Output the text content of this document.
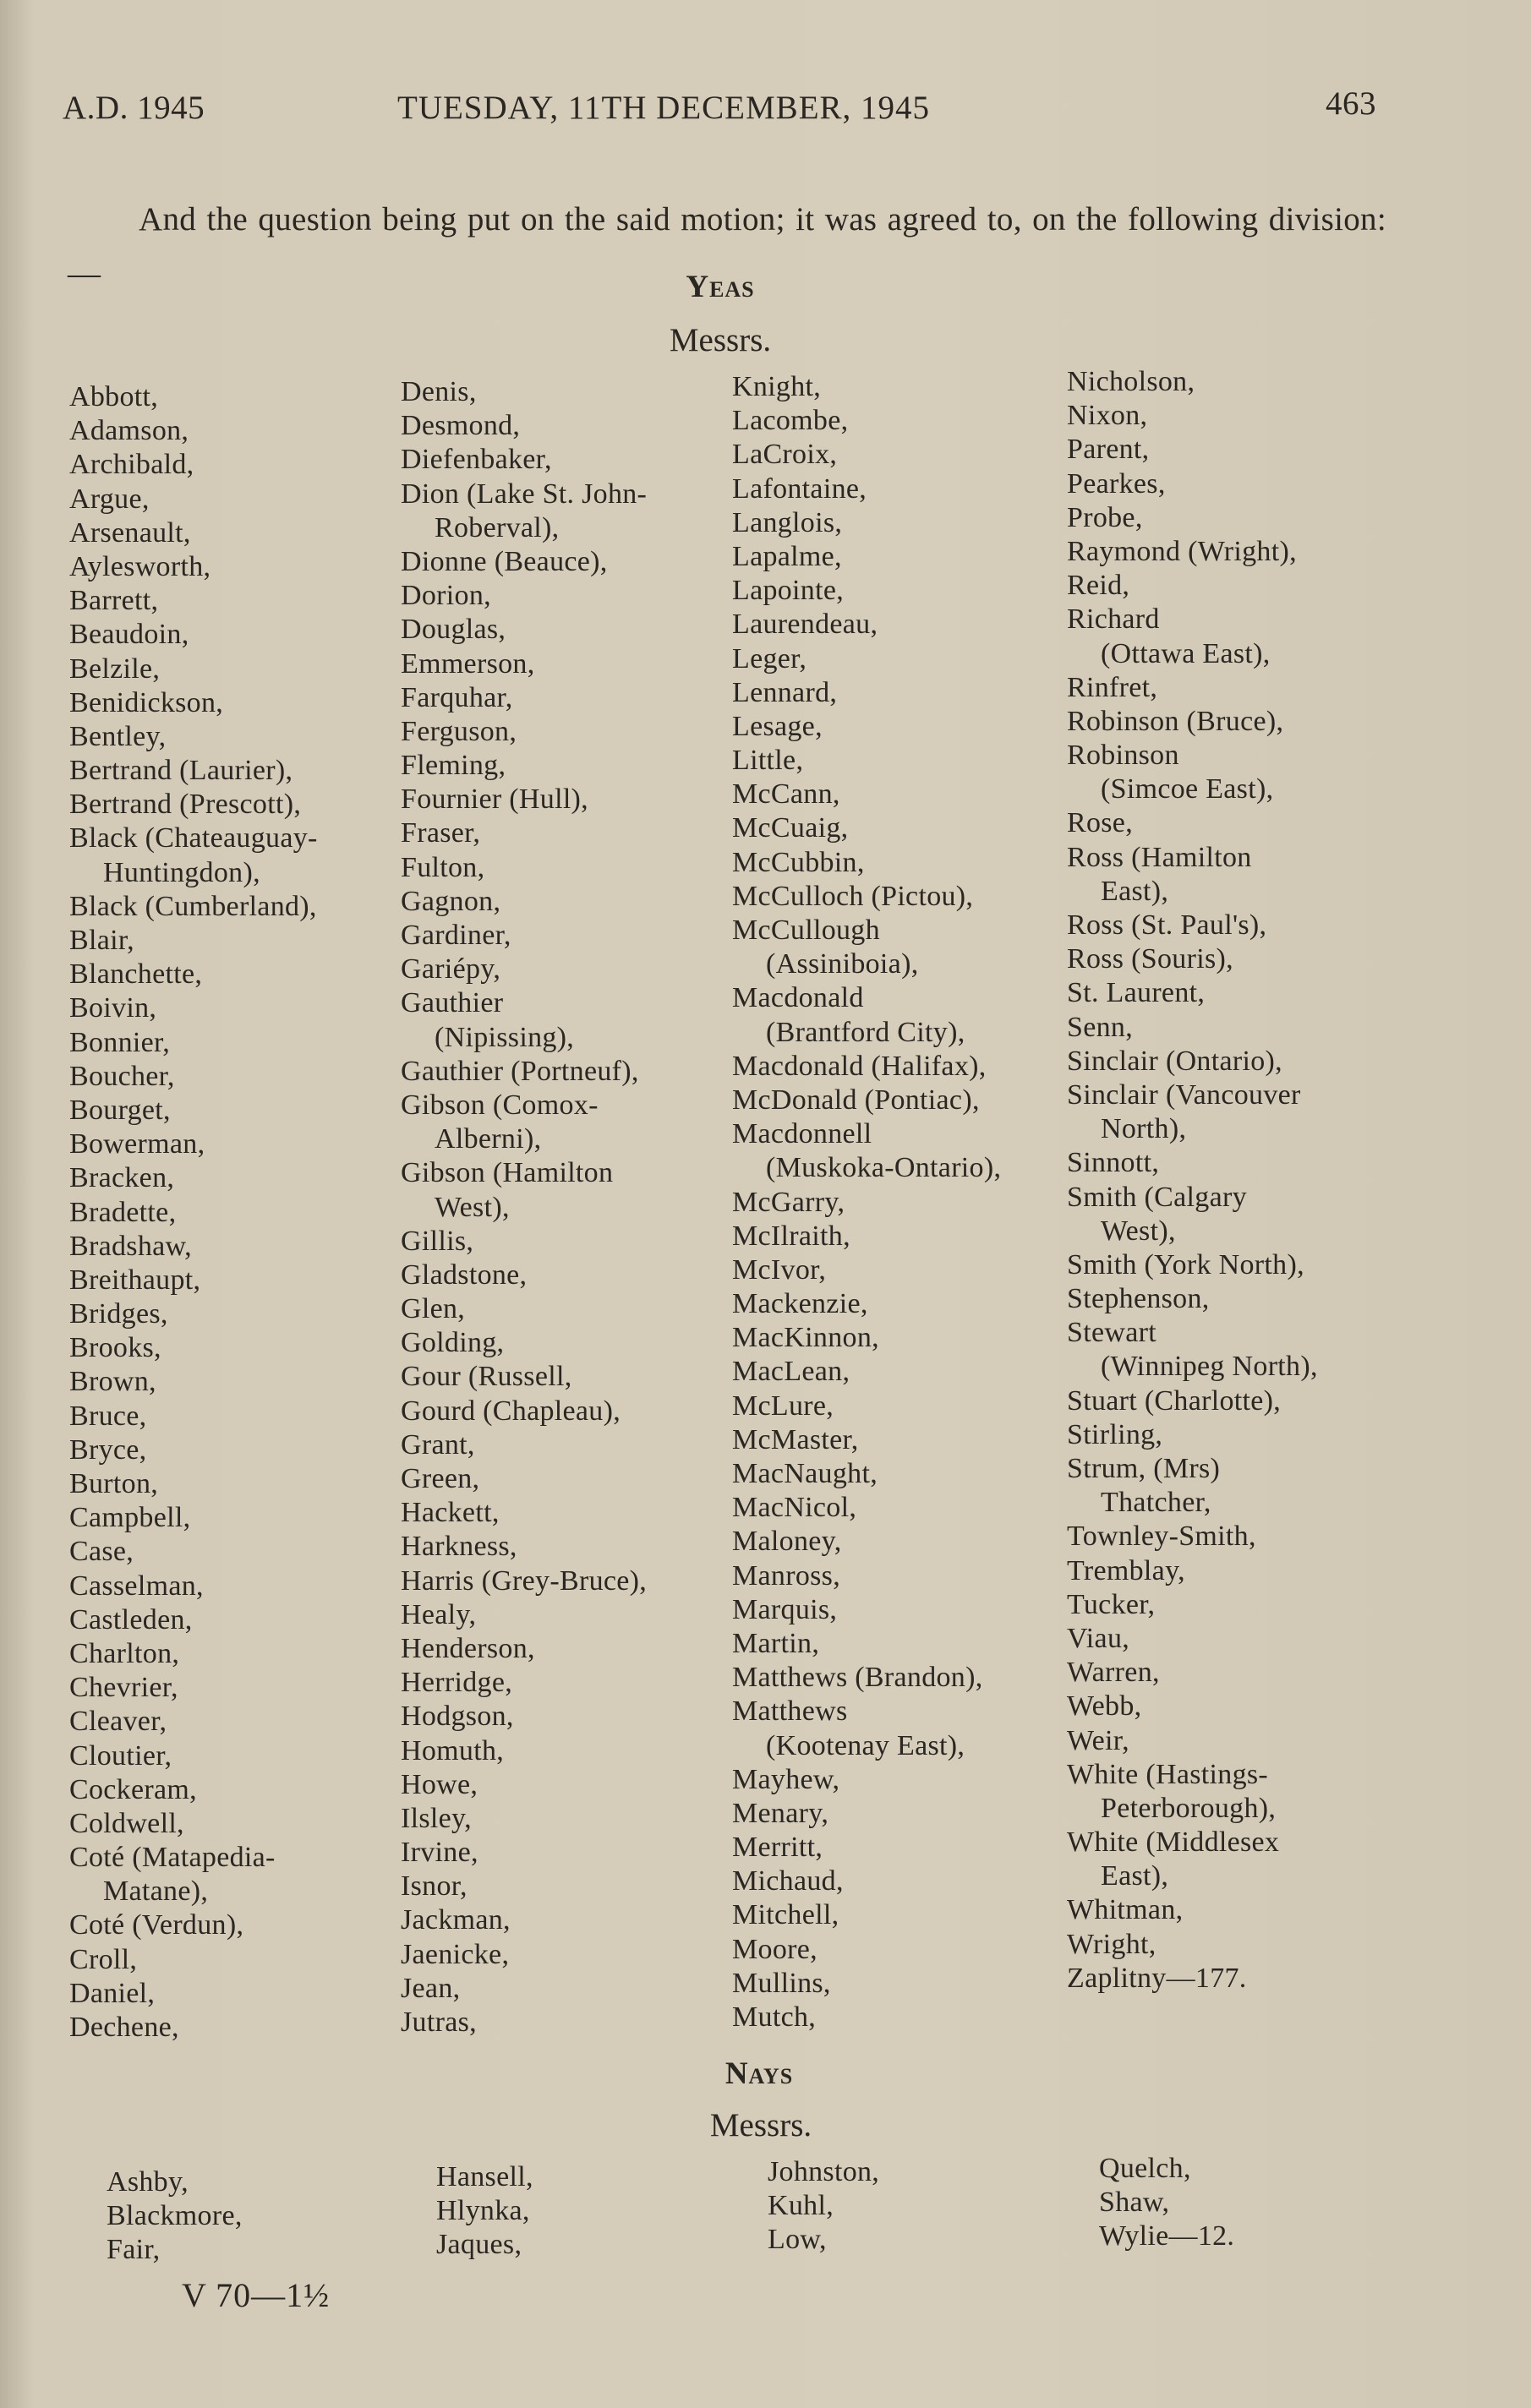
A.D. 1945	TUESDAY, 11TH DECEMBER, 1945	463
And the question being put on the said motion; it was agreed to, on the following division:—	Yeas
Messrs.
Abbott,
Adamson,
Archibald,
Argue,
Arsenault,
Aylesworth,
Barrett,
Beaudoin,
Belzile,
Benidickson,
Bentley,
Bertrand (Laurier),
Bertrand (Prescott),
Black (Chateauguay-
Huntingdon),
Black (Cumberland),
Blair,
Blanchette,
Boivin,
Bonnier,
Boucher,
Bourget,
Bowerman,
Bracken,
Bradette,
Bradshaw,
Breithaupt,
Bridges,
Brooks,
Brown,
Bruce,
Bryce,
Burton,
Campbell,
Case,
Casselman,
Castleden,
Charlton,
Chevrier,
Cleaver,
Cloutier,
Cockeram,
Coldwell,
Coté (Matapedia-
Matane),
Coté (Verdun),
Croll,
Daniel,
Dechene,
Denis,
Desmond,
Diefenbaker,
Dion (Lake St. John-
Roberval),
Dionne (Beauce),
Dorion,
Douglas,
Emmerson,
Farquhar,
Ferguson,
Fleming,
Fournier (Hull),
Fraser,
Fulton,
Gagnon,
Gardiner,
Gariépy,
Gauthier
(Nipissing),
Gauthier (Portneuf),
Gibson (Comox-
Alberni),
Gibson (Hamilton
West),
Gillis,
Gladstone,
Glen,
Golding,
Gour (Russell,
Gourd (Chapleau),
Grant,
Green,
Hackett,
Harkness,
Harris (Grey-Bruce),
Healy,
Henderson,
Herridge,
Hodgson,
Homuth,
Howe,
Ilsley,
Irvine,
Isnor,
Jackman,
Jaenicke,
Jean,
Jutras,
Knight,
Lacombe,
LaCroix,
Lafontaine,
Langlois,
Lapalme,
Lapointe,
Laurendeau,
Leger,
Lennard,
Lesage,
Little,
McCann,
McCuaig,
McCubbin,
McCulloch (Pictou),
McCullough
(Assiniboia),
Macdonald
(Brantford City),
Macdonald (Halifax),
McDonald (Pontiac),
Macdonnell
(Muskoka-Ontario),
McGarry,
McIlraith,
McIvor,
Mackenzie,
MacKinnon,
MacLean,
McLure,
McMaster,
MacNaught,
MacNicol,
Maloney,
Manross,
Marquis,
Martin,
Matthews (Brandon),
Matthews
(Kootenay East),
Mayhew,
Menary,
Merritt,
Michaud,
Mitchell,
Moore,
Mullins,
Mutch,
Nicholson,
Nixon,
Parent,
Pearkes,
Probe,
Raymond (Wright),
Reid,
Richard
(Ottawa East),
Rinfret,
Robinson (Bruce),
Robinson
(Simcoe East),
Rose,
Ross (Hamilton
East),
Ross (St. Paul's),
Ross (Souris),
St. Laurent,
Senn,
Sinclair (Ontario),
Sinclair (Vancouver
North),
Sinnott,
Smith (Calgary
West),
Smith (York North),
Stephenson,
Stewart
(Winnipeg North),
Stuart (Charlotte),
Stirling,
Strum, (Mrs)
Thatcher,
Townley-Smith,
Tremblay,
Tucker,
Viau,
Warren,
Webb,
Weir,
White (Hastings-
Peterborough),
White (Middlesex
East),
Whitman,
Wright,
Zaplitny—177.
Nays
Messrs.
Ashby,
Blackmore,
Fair,
Hansell,
Hlynka,
Jaques,
Johnston,
Kuhl,
Low,
Quelch,
Shaw,
Wylie—12.
V 70—1½
